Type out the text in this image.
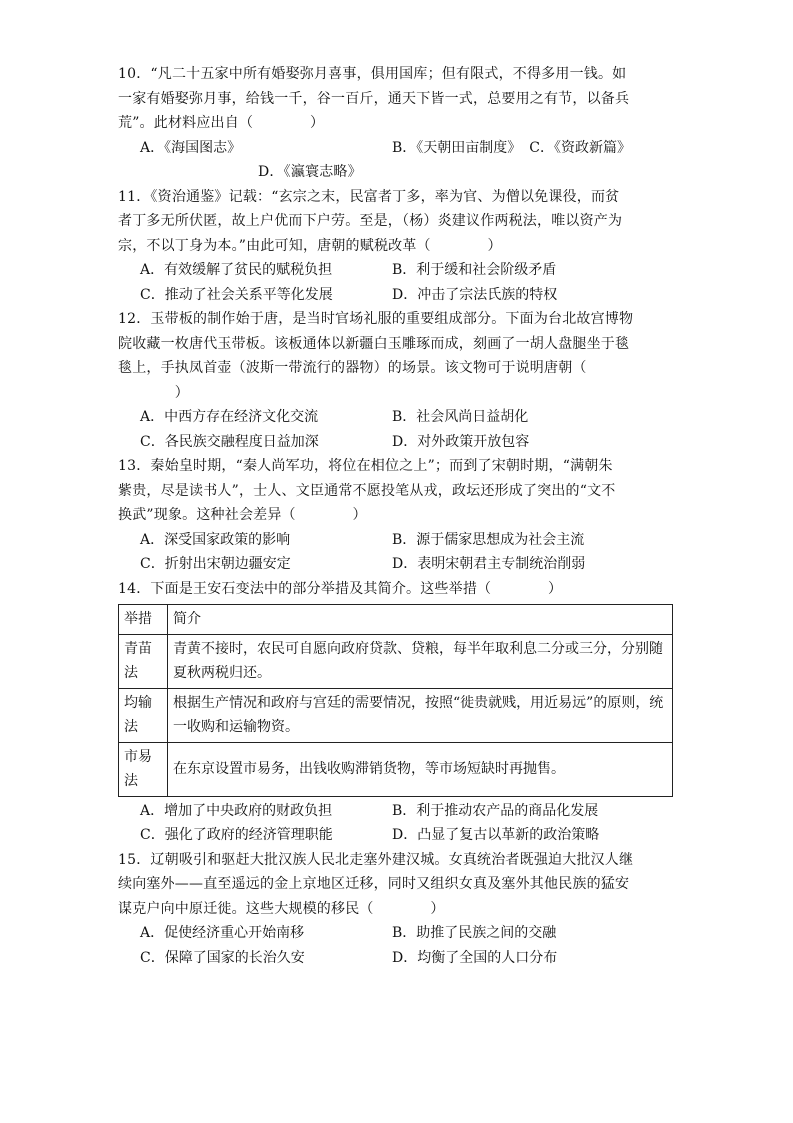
10．“凡二十五家中所有婚娶弥月喜事，俱用国库；但有限式，不得多用一钱。如
一家有婚娶弥月事，给钱一千，谷一百斤，通天下皆一式，总要用之有节，以备兵
荒”。此材料应出自（　　　　）
A．《海国图志》	B．《天朝田亩制度》 C．《资政新篇》
D．《瀛寰志略》
11．《资治通鉴》记载：“玄宗之末，民富者丁多，率为官、为僧以免课役，而贫
者丁多无所伏匿，故上户优而下户劳。至是，（杨）炎建议作两税法，唯以资产为
宗，不以丁身为本。”由此可知，唐朝的赋税改革（　　　　）
A．有效缓解了贫民的赋税负担	B．利于缓和社会阶级矛盾
C．推动了社会关系平等化发展	D．冲击了宗法氏族的特权
12．玉带板的制作始于唐，是当时官场礼服的重要组成部分。下面为台北故宫博物
院收藏一枚唐代玉带板。该板通体以新疆白玉雕琢而成，刻画了一胡人盘腿坐于毯
毯上，手执凤首壶（波斯一带流行的器物）的场景。该文物可于说明唐朝（
　　　　）
A．中西方存在经济文化交流	B．社会风尚日益胡化
C．各民族交融程度日益加深	D．对外政策开放包容
13．秦始皇时期，“秦人尚军功，将位在相位之上”；而到了宋朝时期，“满朝朱
紫贵，尽是读书人”，士人、文臣通常不愿投笔从戎，政坛还形成了突出的“文不
换武”现象。这种社会差异（　　　　）
A．深受国家政策的影响	B．源于儒家思想成为社会主流
C．折射出宋朝边疆安定	D．表明宋朝君主专制统治削弱
14．下面是王安石变法中的部分举措及其简介。这些举措（　　　　）
举措	简介
青苗法	青黄不接时，农民可自愿向政府贷款、贷粮，每半年取利息二分或三分，分别随夏秋两税归还。
均输法	根据生产情况和政府与宫廷的需要情况，按照“徙贵就贱，用近易远”的原则，统一收购和运输物资。
市易法	在东京设置市易务，出钱收购滞销货物，等市场短缺时再抛售。
A．增加了中央政府的财政负担	B．利于推动农产品的商品化发展
C．强化了政府的经济管理职能	D．凸显了复古以革新的政治策略
15．辽朝吸引和驱赶大批汉族人民北走塞外建汉城。女真统治者既强迫大批汉人继
续向塞外——直至遥远的金上京地区迁移，同时又组织女真及塞外其他民族的猛安
谋克户向中原迁徙。这些大规模的移民（　　　　）
A．促使经济重心开始南移	B．助推了民族之间的交融
C．保障了国家的长治久安	D．均衡了全国的人口分布
